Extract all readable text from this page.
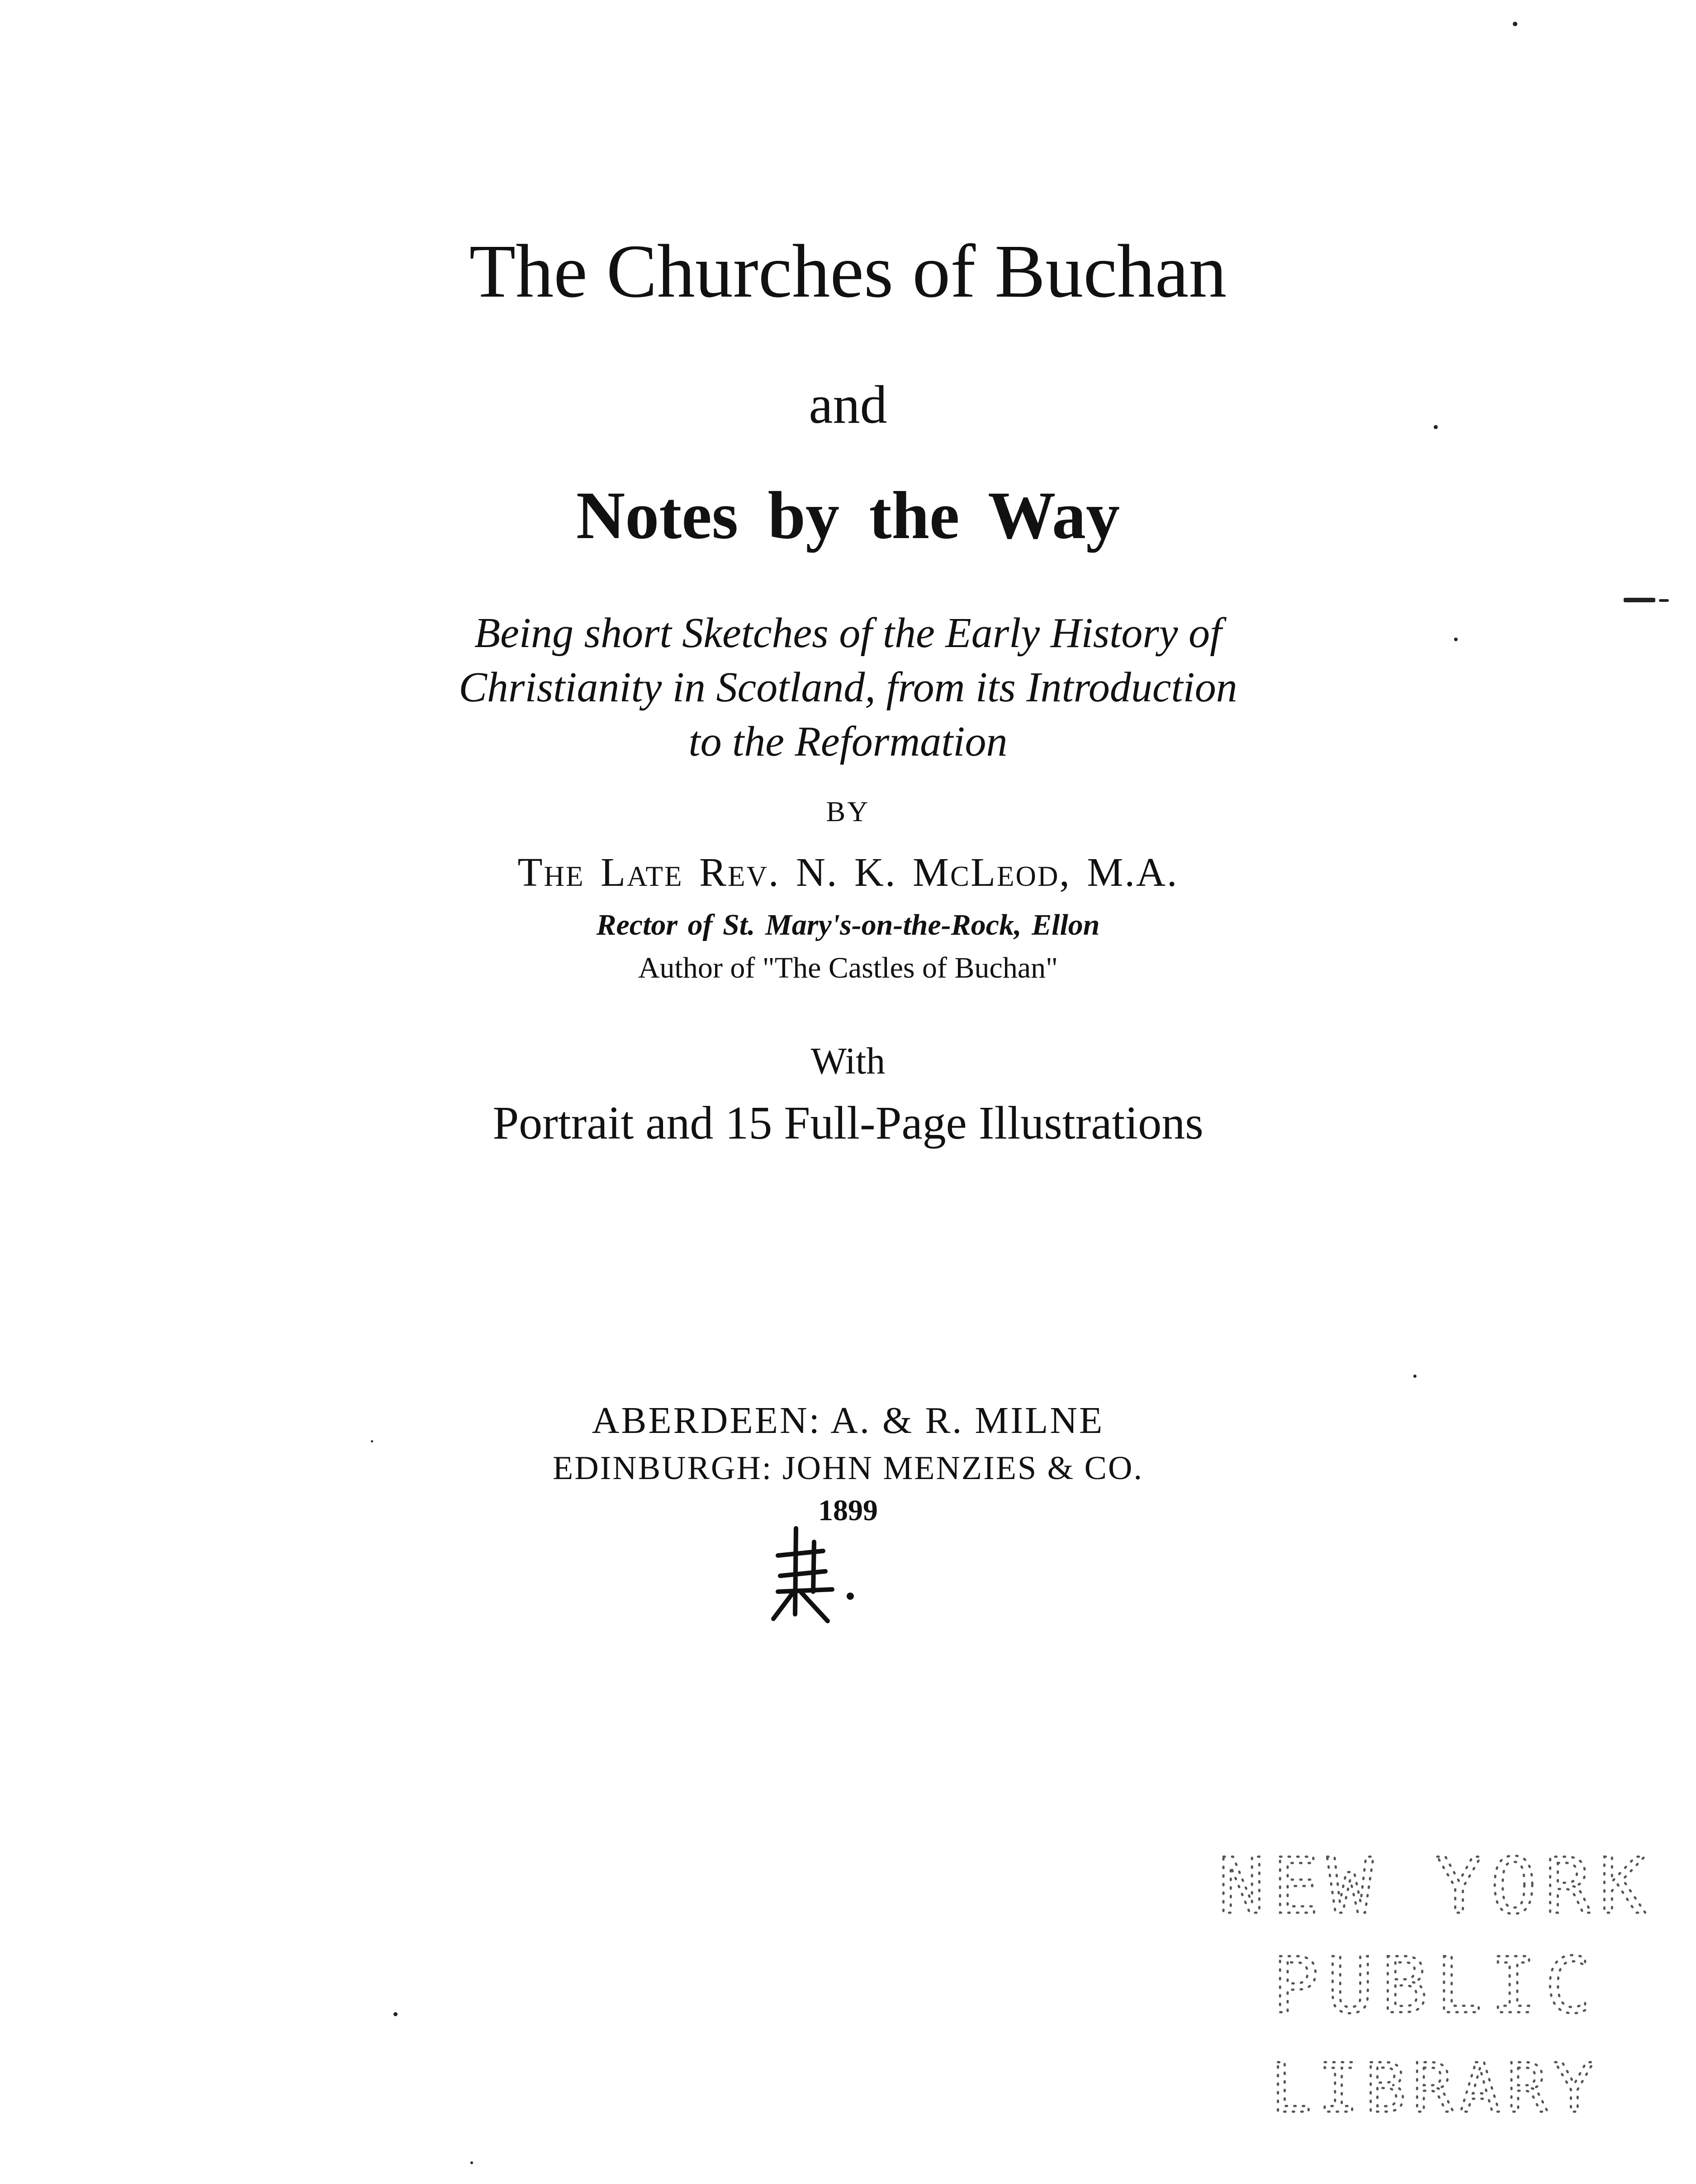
The Churches of Buchan
and
Notes by the Way
Being short Sketches of the Early History of
Christianity in Scotland, from its Introduction
to the Reformation
BY
The Late Rev. N. K. McLeod, M.A.
Rector of St. Mary's-on-the-Rock, Ellon
Author of "The Castles of Buchan"
With
Portrait and 15 Full-Page Illustrations
ABERDEEN: A. & R. MILNE
EDINBURGH: JOHN MENZIES & CO.
1899
NEW YORK
PUBLIC
LIBRARY
